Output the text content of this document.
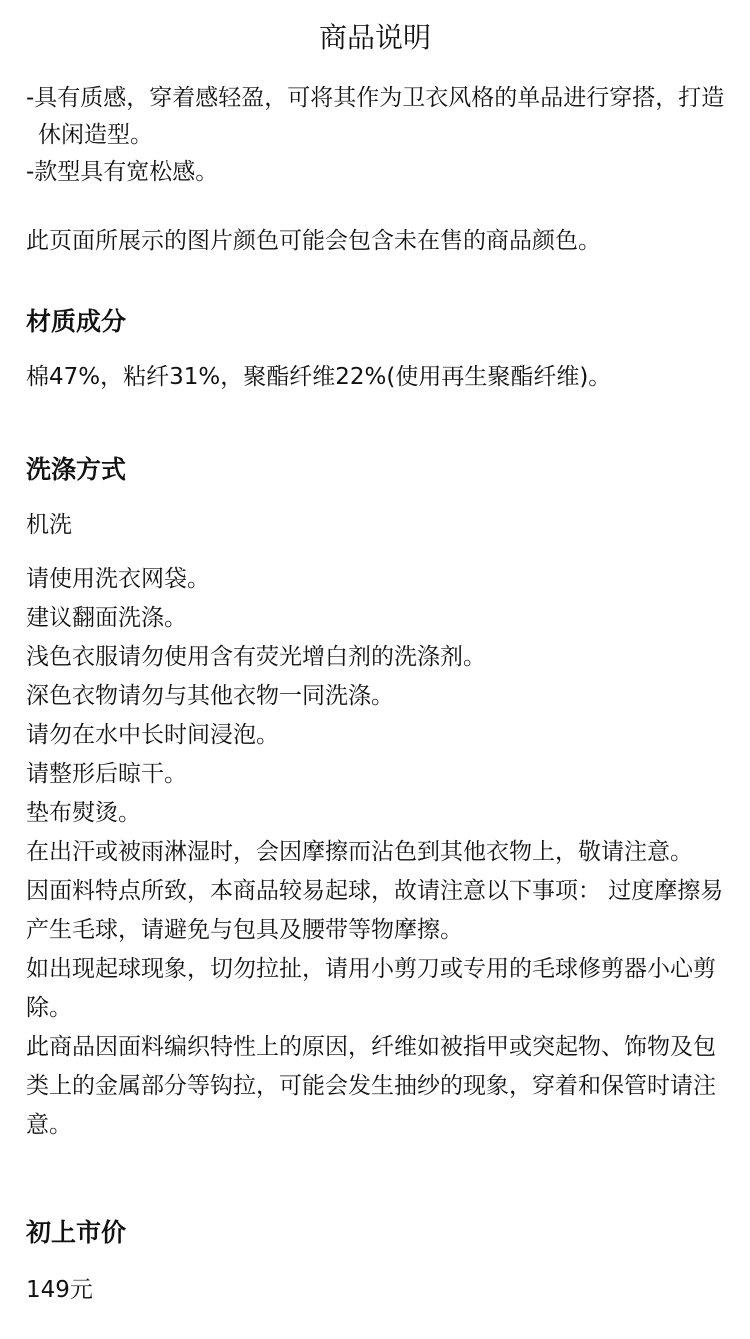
商品说明
-具有质感，穿着感轻盈，可将其作为卫衣风格的单品进行穿搭，打造休闲造型。
-款型具有宽松感。
此页面所展示的图片颜色可能会包含未在售的商品颜色。
材质成分
棉47%，粘纤31%，聚酯纤维22%(使用再生聚酯纤维)。
洗涤方式
机洗
请使用洗衣网袋。
建议翻面洗涤。
浅色衣服请勿使用含有荧光增白剂的洗涤剂。
深色衣物请勿与其他衣物一同洗涤。
请勿在水中长时间浸泡。
请整形后晾干。
垫布熨烫。
在出汗或被雨淋湿时，会因摩擦而沾色到其他衣物上，敬请注意。
因面料特点所致，本商品较易起球，故请注意以下事项： 过度摩擦易产生毛球，请避免与包具及腰带等物摩擦。
如出现起球现象，切勿拉扯，请用小剪刀或专用的毛球修剪器小心剪除。
此商品因面料编织特性上的原因，纤维如被指甲或突起物、饰物及包类上的金属部分等钩拉，可能会发生抽纱的现象，穿着和保管时请注意。
初上市价
149元
